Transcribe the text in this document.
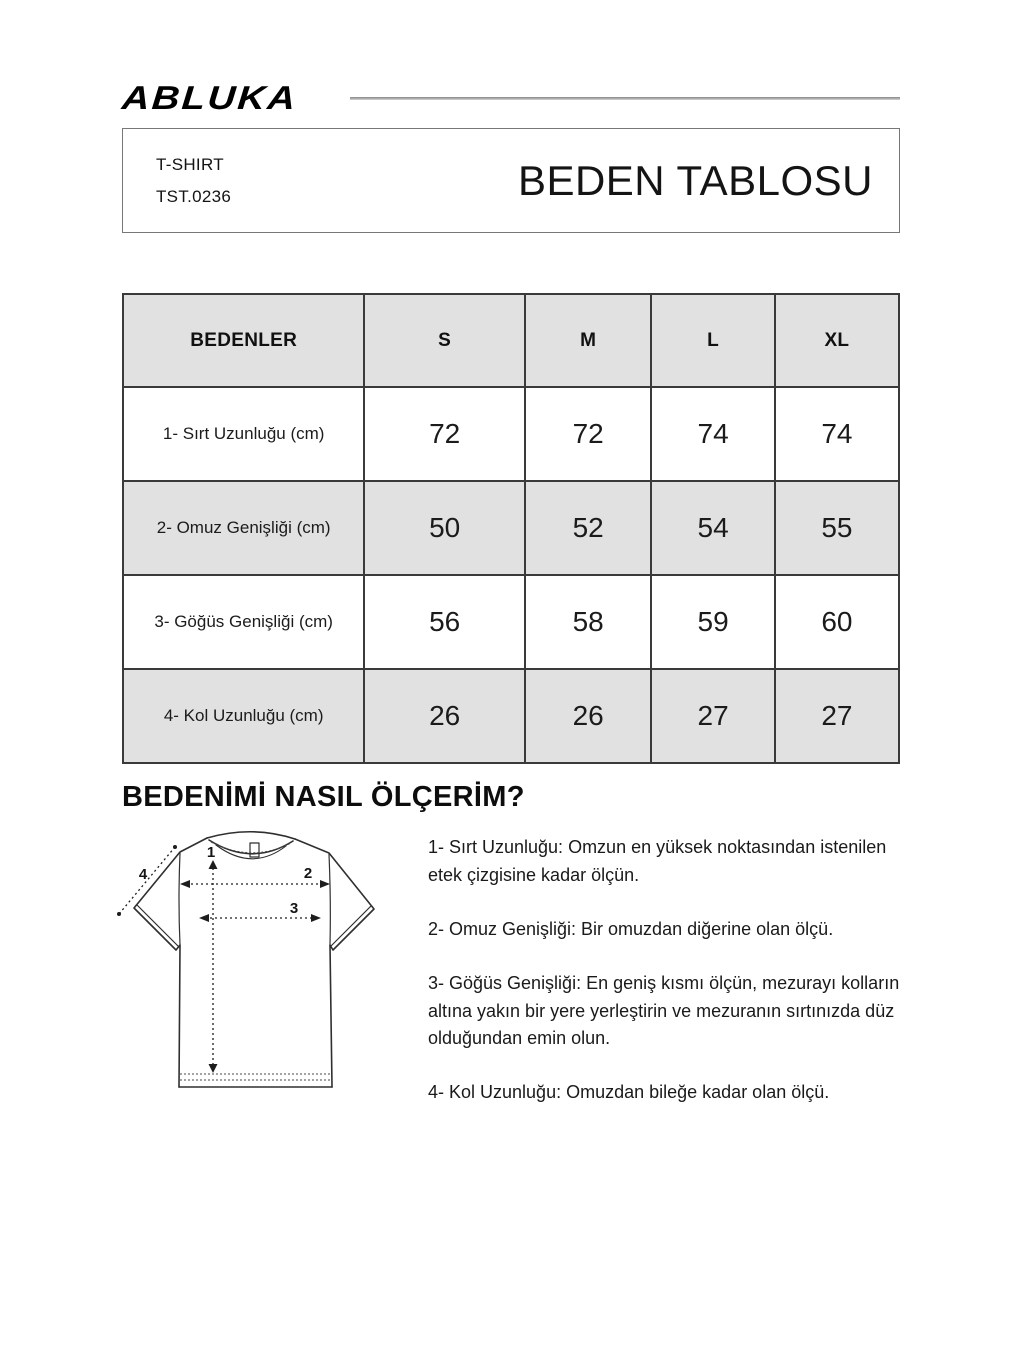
ABLUKA
T-SHIRT
TST.0236	BEDEN TABLOSU
BEDENLER	S	M	L	XL
1- Sırt Uzunluğu (cm)	72	72	74	74
2- Omuz Genişliği (cm)	50	52	54	55
3- Göğüs Genişliği (cm)	56	58	59	60
4- Kol Uzunluğu (cm)	26	26	27	27
BEDENİMİ NASIL ÖLÇERİM?
1
2
3
4

1- Sırt Uzunluğu: Omzun en yüksek noktasından istenilen etek çizgisine kadar ölçün.

2- Omuz Genişliği: Bir omuzdan diğerine olan ölçü.

3- Göğüs Genişliği: En geniş kısmı ölçün, mezurayı kolların altına yakın bir yere yerleştirin ve mezuranın sırtınızda düz olduğundan emin olun.

4- Kol Uzunluğu: Omuzdan bileğe kadar olan ölçü.
